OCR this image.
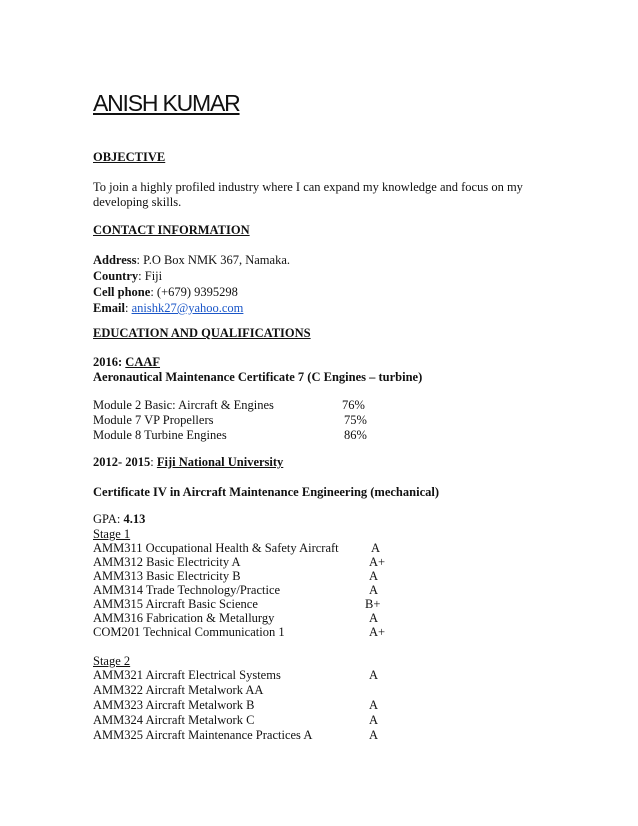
ANISH KUMAR
OBJECTIVE
To join a highly profiled industry where I can expand my knowledge and focus on my
developing skills.
CONTACT INFORMATION
Address: P.O Box NMK 367, Namaka.
Country: Fiji
Cell phone: (+679) 9395298
Email: anishk27@yahoo.com
EDUCATION AND QUALIFICATIONS
2016: CAAF
Aeronautical Maintenance Certificate 7 (C Engines – turbine)
Module 2 Basic: Aircraft & Engines	76%
Module 7 VP Propellers	75%
Module 8 Turbine Engines	86%
2012- 2015: Fiji National University
Certificate IV in Aircraft Maintenance Engineering (mechanical)
GPA: 4.13
Stage 1
AMM311 Occupational Health & Safety Aircraft	A
AMM312 Basic Electricity A	A+
AMM313 Basic Electricity B	A
AMM314 Trade Technology/Practice	A
AMM315 Aircraft Basic Science	B+
AMM316 Fabrication & Metallurgy	A
COM201 Technical Communication 1	A+
Stage 2
AMM321 Aircraft Electrical Systems	A
AMM322 Aircraft Metalwork AA
AMM323 Aircraft Metalwork B	A
AMM324 Aircraft Metalwork C	A
AMM325 Aircraft Maintenance Practices A	A
